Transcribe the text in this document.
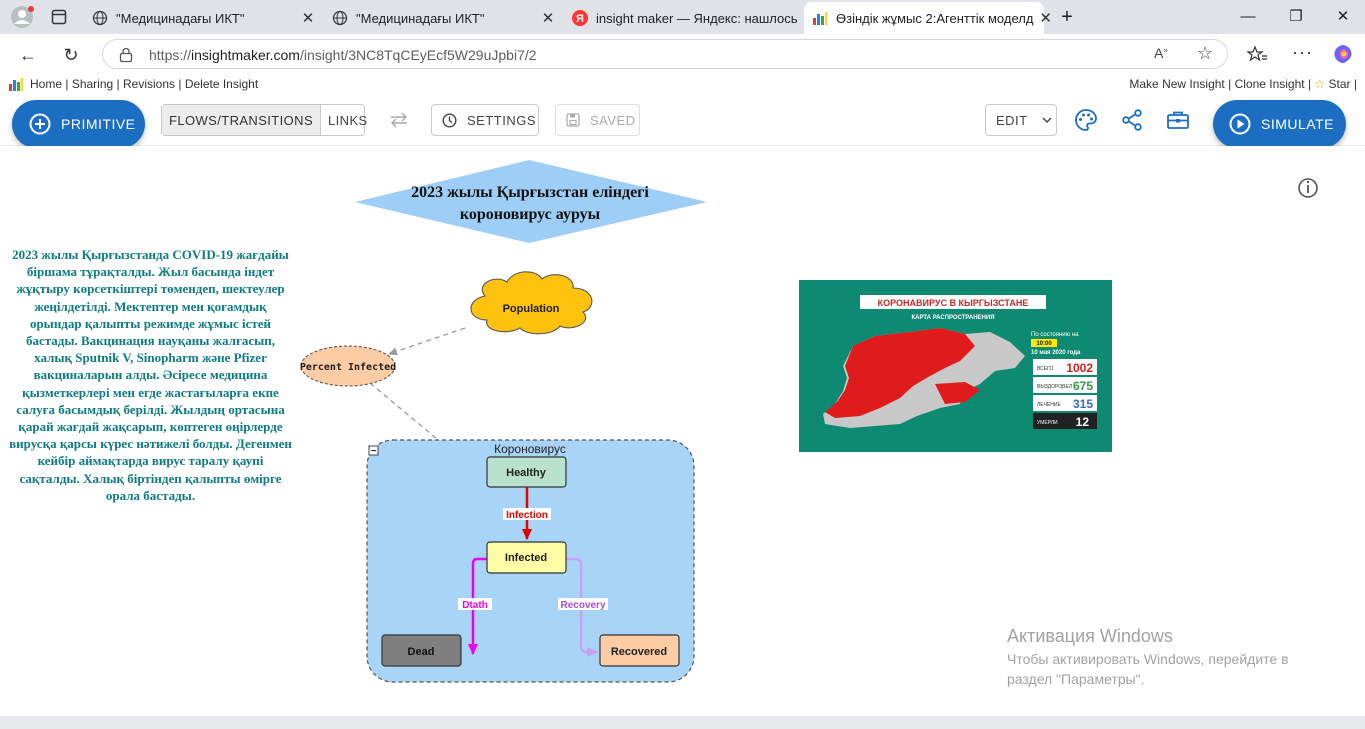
"Медицинадағы ИКТ"	✕	"Медицинадағы ИКТ"	✕ Я insight maker — Яндекс: нашлось	Өзіндік жұмыс 2:Агенттік моделд ✕ +	—	❐	✕
←	↻	https://insightmaker.com/insight/3NC8TqCEyEcf5W29uJpbi7/2	A» ☆	···
Home | Sharing | Revisions | Delete Insight	Make New Insight | Clone Insight | ☆ Star |
PRIMITIVE	FLOWS/TRANSITIONS	LINKS	SETTINGS	SAVED	EDIT	SIMULATE
2023 жылы Қырғызстанда COVID-19 жағдайы біршама тұрақталды. Жыл басында індет жұқтыру көрсеткіштері төмендеп, шектеулер жеңілдетілді. Мектептер мен қоғамдық орындар қалыпты режимде жұмыс істей бастады. Вакцинация науқаны жалғасып, халық Sputnik V, Sinopharm және Pfizer вакциналарын алды. Әсіресе медицина қызметкерлері мен егде жастағыларға екпе салуға басымдық берілді. Жылдың ортасына қарай жағдай жақсарып, көптеген өңірлерде вирусқа қарсы күрес нәтижелі болды. Дегенмен кейбір аймақтарда вирус таралу қаупі сақталды. Халық біртіндеп қалыпты өмірге орала бастады.
2023 жылы Қырғызстан еліндегі
короновирус ауруы
Population
Percent Infected
Короновирус
−
Infection
Dtath	Recovery
Healthy
Infected
Dead	Recovered
КОРОНАВИРУС В КЫРГЫЗСТАНЕ
КАРТА РАСПРОСТРАНЕНИЯ
По состоянию на
10:00
10 мая 2020 года
ВСЕГО 1002
ВЫЗДОРОВЕЛ 675
ЛЕЧЕНИЕ 315
УМЕРЛИ 12
Активация Windows
Чтобы активировать Windows, перейдите в
раздел "Параметры".
